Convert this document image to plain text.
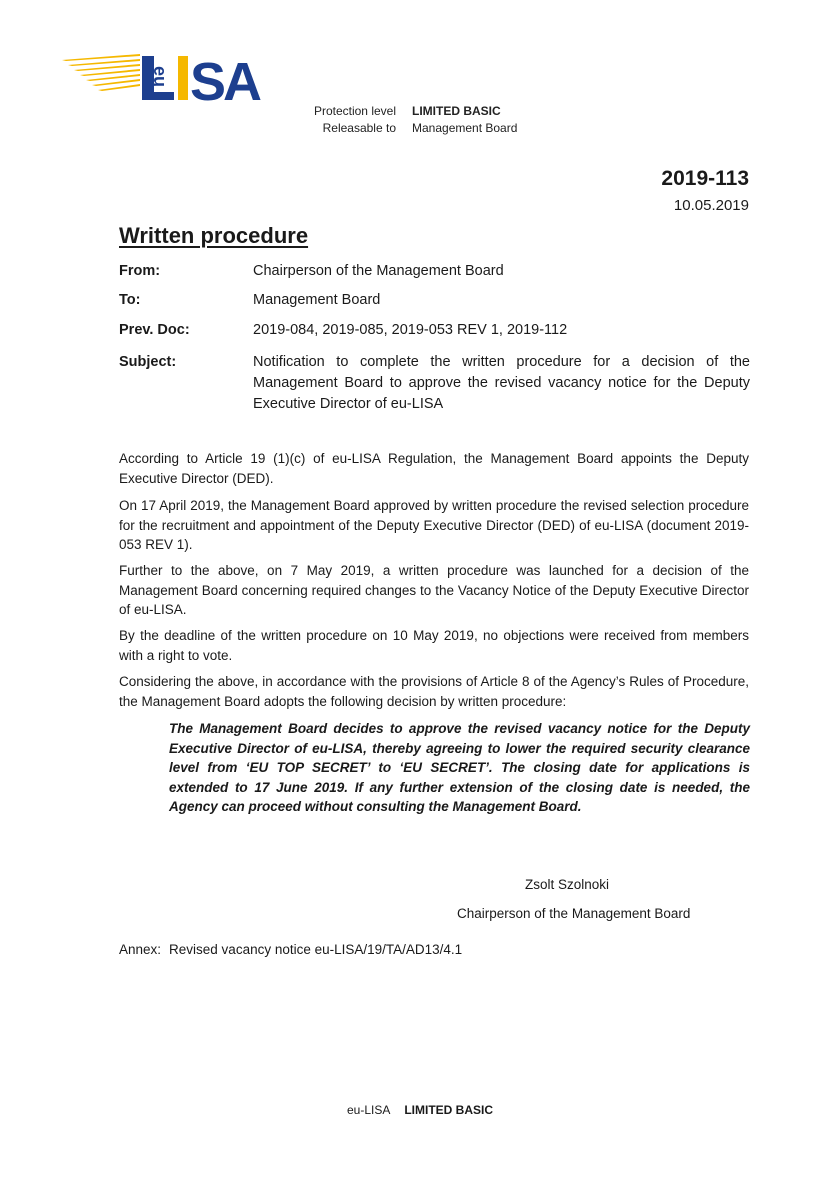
eu SA	Protection level	LIMITED BASIC
Releasable to	Management Board
2019-113
10.05.2019
Written procedure
From:	Chairperson of the Management Board
To:	Management Board
Prev. Doc:	2019-084, 2019-085, 2019-053 REV 1, 2019-112
Subject:	Notification to complete the written procedure for a decision of the Management Board to approve the revised vacancy notice for the Deputy Executive Director of eu-LISA

According to Article 19 (1)(c) of eu-LISA Regulation, the Management Board appoints the Deputy Executive Director (DED).

On 17 April 2019, the Management Board approved by written procedure the revised selection procedure for the recruitment and appointment of the Deputy Executive Director (DED) of eu-LISA (document 2019-053 REV 1).

Further to the above, on 7 May 2019, a written procedure was launched for a decision of the Management Board concerning required changes to the Vacancy Notice of the Deputy Executive Director of eu-LISA.

By the deadline of the written procedure on 10 May 2019, no objections were received from members with a right to vote.

Considering the above, in accordance with the provisions of Article 8 of the Agency’s Rules of Procedure, the Management Board adopts the following decision by written procedure:

The Management Board decides to approve the revised vacancy notice for the Deputy Executive Director of eu-LISA, thereby agreeing to lower the required security clearance level from ‘EU TOP SECRET’ to ‘EU SECRET’. The closing date for applications is extended to 17 June 2019. If any further extension of the closing date is needed, the Agency can proceed without consulting the Management Board.
Zsolt Szolnoki
Chairperson of the Management Board
Annex: Revised vacancy notice eu-LISA/19/TA/AD13/4.1
eu-LISA LIMITED BASIC
